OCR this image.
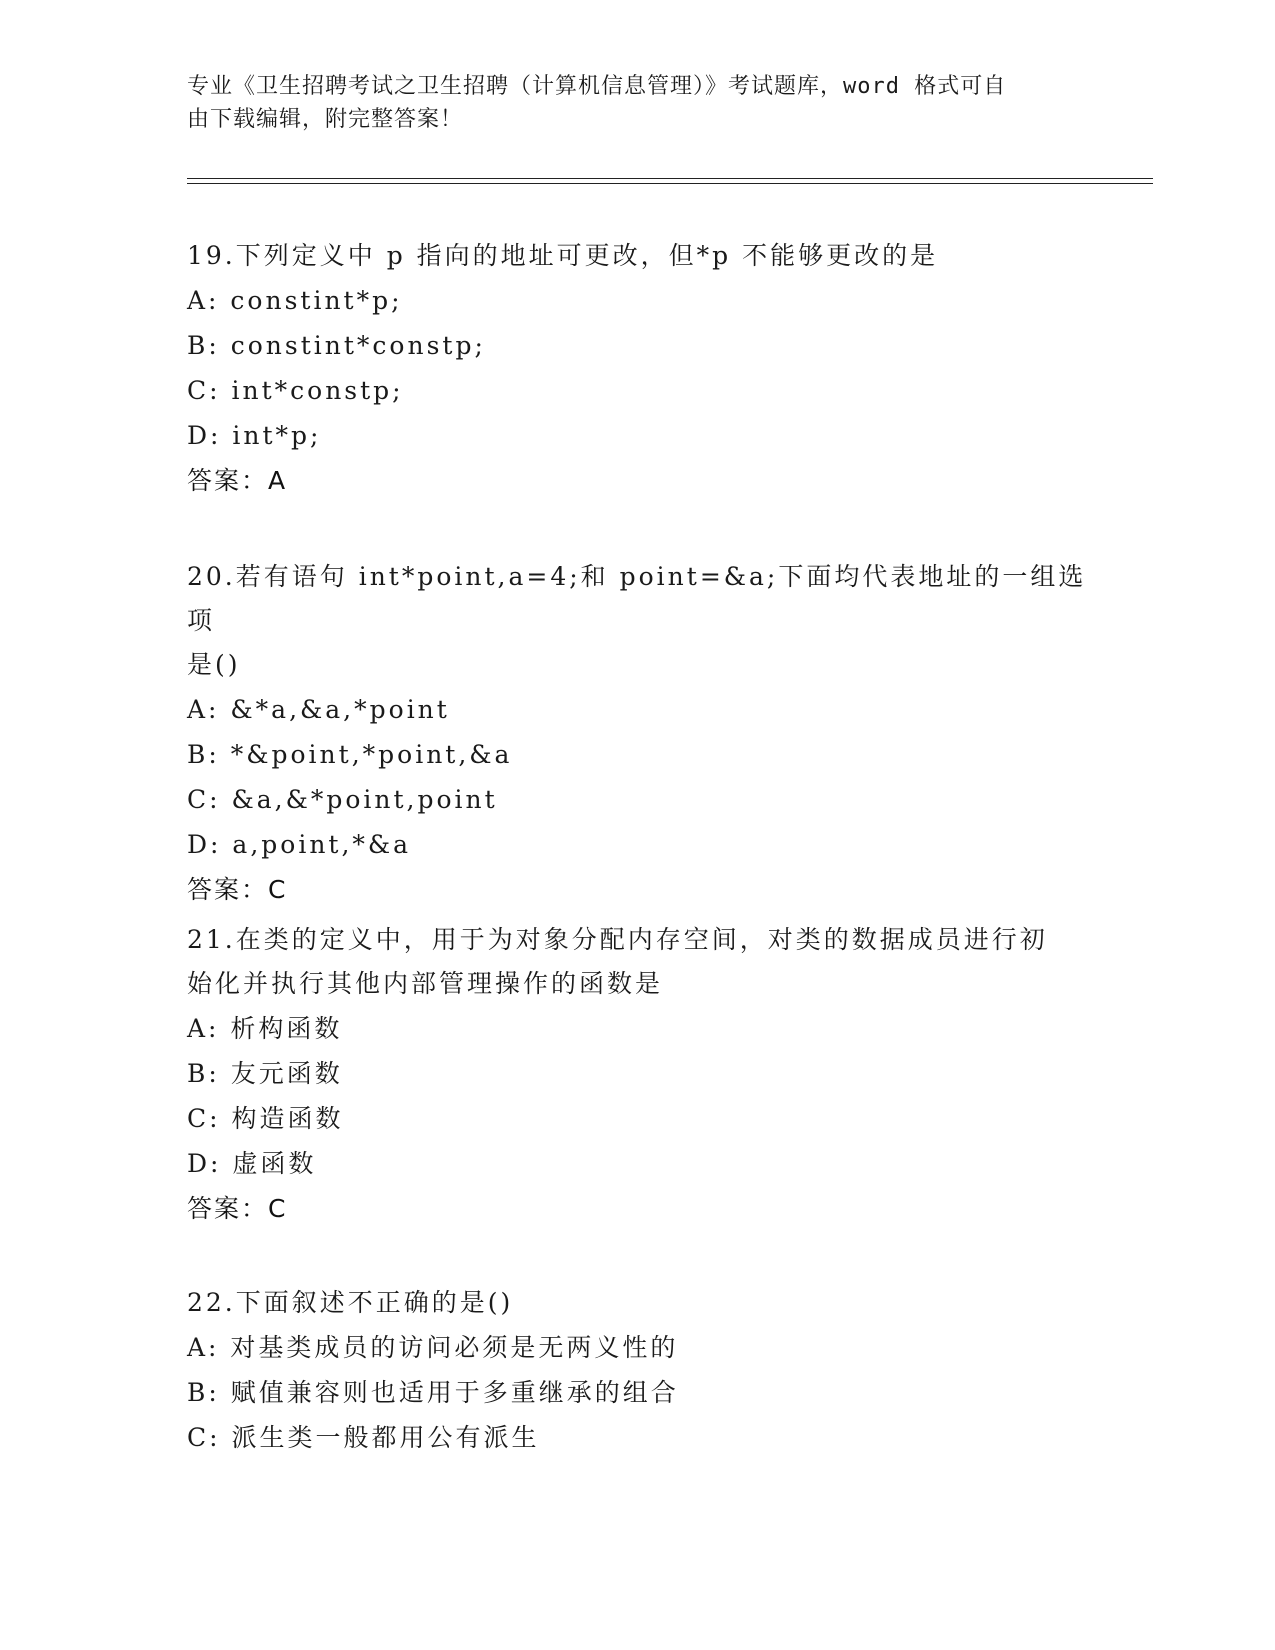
专业《卫生招聘考试之卫生招聘（计算机信息管理）》考试题库，word 格式可自
由下载编辑，附完整答案！

19.下列定义中 p 指向的地址可更改，但*p 不能够更改的是

A: constint*p;

B: constint*constp;

C: int*constp;

D: int*p;

答案：A

20.若有语句 int*point,a=4;和 point=&a;下面均代表地址的一组选项

是()

A: &*a,&a,*point

B: *&point,*point,&a

C: &a,&*point,point

D: a,point,*&a

答案：C

21.在类的定义中，用于为对象分配内存空间，对类的数据成员进行初

始化并执行其他内部管理操作的函数是

A: 析构函数

B: 友元函数

C: 构造函数

D: 虚函数

答案：C

22.下面叙述不正确的是()

A: 对基类成员的访问必须是无两义性的

B: 赋值兼容则也适用于多重继承的组合

C: 派生类一般都用公有派生
